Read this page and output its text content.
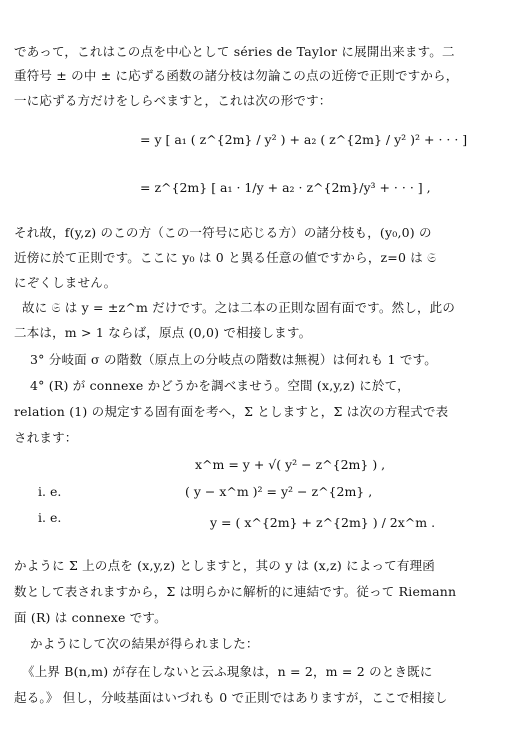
であって，これはこの点を中心として séries de Taylor に展開出来ます。二
重符号 ± の中 ± に応ずる函数の諸分枝は勿論この点の近傍で正則ですから，
一に応ずる方だけをしらべますと，これは次の形です：
= y [ a₁ ( z^{2m} / y² ) + a₂ ( z^{2m} / y² )² + · · · ]
= z^{2m} [ a₁ · 1/y + a₂ · z^{2m}/y³ + · · · ] ,
それ故，f(y,z) のこの方（この一符号に応じる方）の諸分枝も，(y₀,0) の
近傍に於て正則です。ここに y₀ は 0 と異る任意の値ですから，z=0 は 𝔖
にぞくしません。
故に 𝔖 は y = ±z^m だけです。之は二本の正則な固有面です。然し，此の
二本は，m > 1 ならば，原点 (0,0) で相接します。
3° 分岐面 σ の階数（原点上の分岐点の階数は無視）は何れも 1 です。
4° (R) が connexe かどうかを調べませう。空間 (x,y,z) に於て，
relation (1) の規定する固有面を考へ，Σ としますと，Σ は次の方程式で表
されます：
x^m = y + √( y² − z^{2m} ) ,
i. e.	( y − x^m )² = y² − z^{2m} ,
i. e.	y = ( x^{2m} + z^{2m} ) / 2x^m .
かように Σ 上の点を (x,y,z) としますと，其の y は (x,z) によって有理函
数として表されますから，Σ は明らかに解析的に連結です。従って Riemann
面 (R) は connexe です。
かようにして次の結果が得られました：
《上界 B(n,m) が存在しないと云ふ現象は，n = 2，m = 2 のとき既に
起る。》 但し，分岐基面はいづれも 0 で正則ではありますが，ここで相接し
